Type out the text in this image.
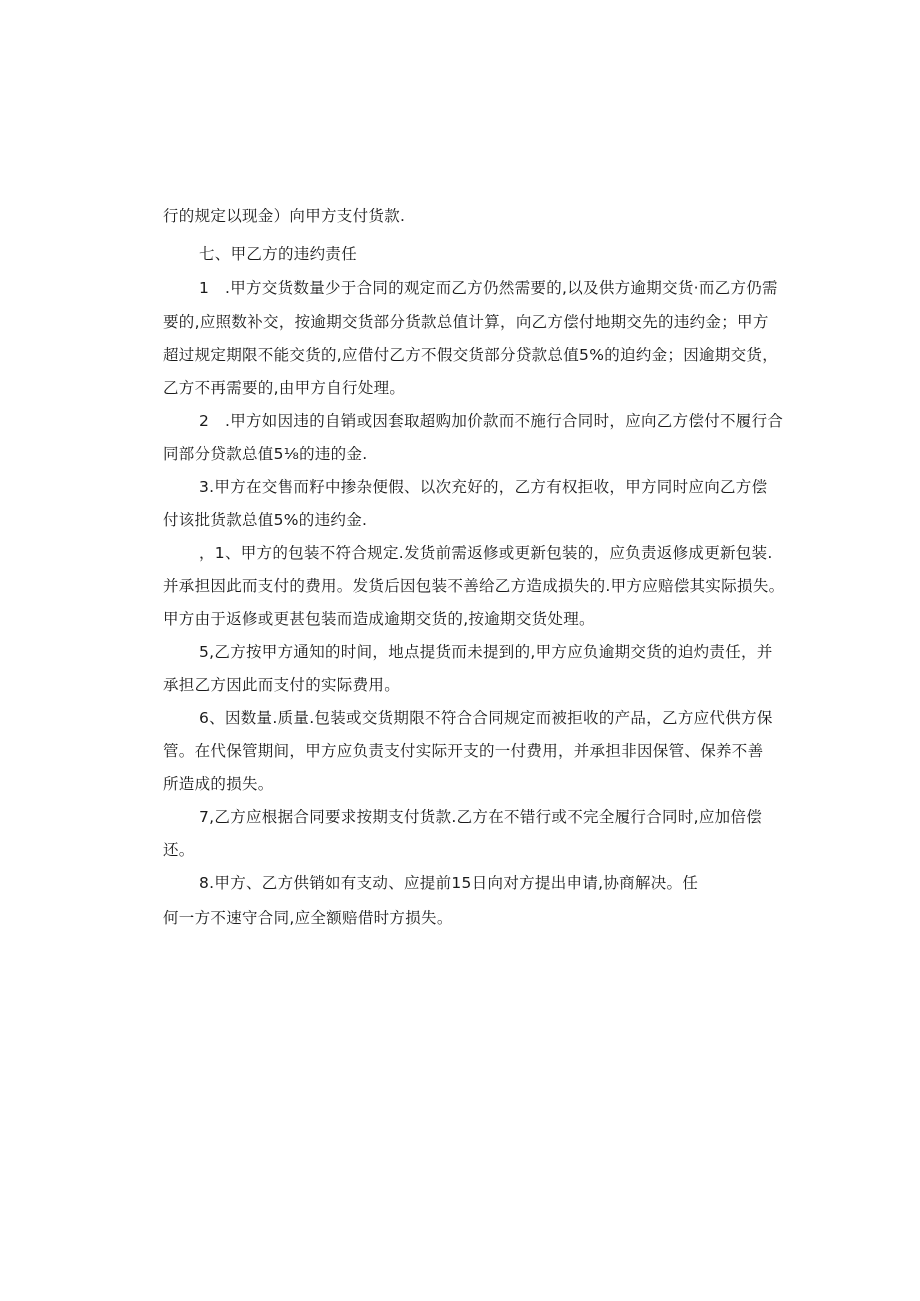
行的规定以现金）向甲方支付货款.
七、甲乙方的违约责任
1　.甲方交货数量少于合同的观定而乙方仍然需要的,以及供方逾期交货·而乙方仍需
要的,应照数补交，按逾期交货部分货款总值计算，向乙方偿付地期交先的违约金；甲方
超过规定期限不能交货的,应借付乙方不假交货部分贷款总值5%的迫约金；因逾期交货，
乙方不再需要的,由甲方自行处理。
2　.甲方如因违的自销或因套取超购加价款而不施行合同时，应向乙方偿付不履行合
同部分贷款总值5⅛的违的金.
3.甲方在交售而籽中掺杂便假、以次充好的，乙方有权拒收，甲方同时应向乙方偿
付该批货款总值5%的违约金.
，1、甲方的包装不符合规定.发货前需返修或更新包装的，应负责返修成更新包装.
并承担因此而支付的费用。发货后因包装不善给乙方造成损失的.甲方应赔偿其实际损失。
甲方由于返修或更甚包装而造成逾期交货的,按逾期交货处理。
5,乙方按甲方通知的时间，地点提货而未提到的,甲方应负逾期交货的迫灼责任，并
承担乙方因此而支付的实际费用。
6、因数量.质量.包装或交货期限不符合合同规定而被拒收的产品，乙方应代供方保
管。在代保管期间，甲方应负责支付实际开支的一付费用，并承担非因保管、保养不善
所造成的损失。
7,乙方应根据合同要求按期支付货款.乙方在不错行或不完全履行合同时,应加倍偿
还。
8.甲方、乙方供销如有支动、应提前15日向对方提出申请,协商解决。任
何一方不速守合同,应全额赔借时方损失。
